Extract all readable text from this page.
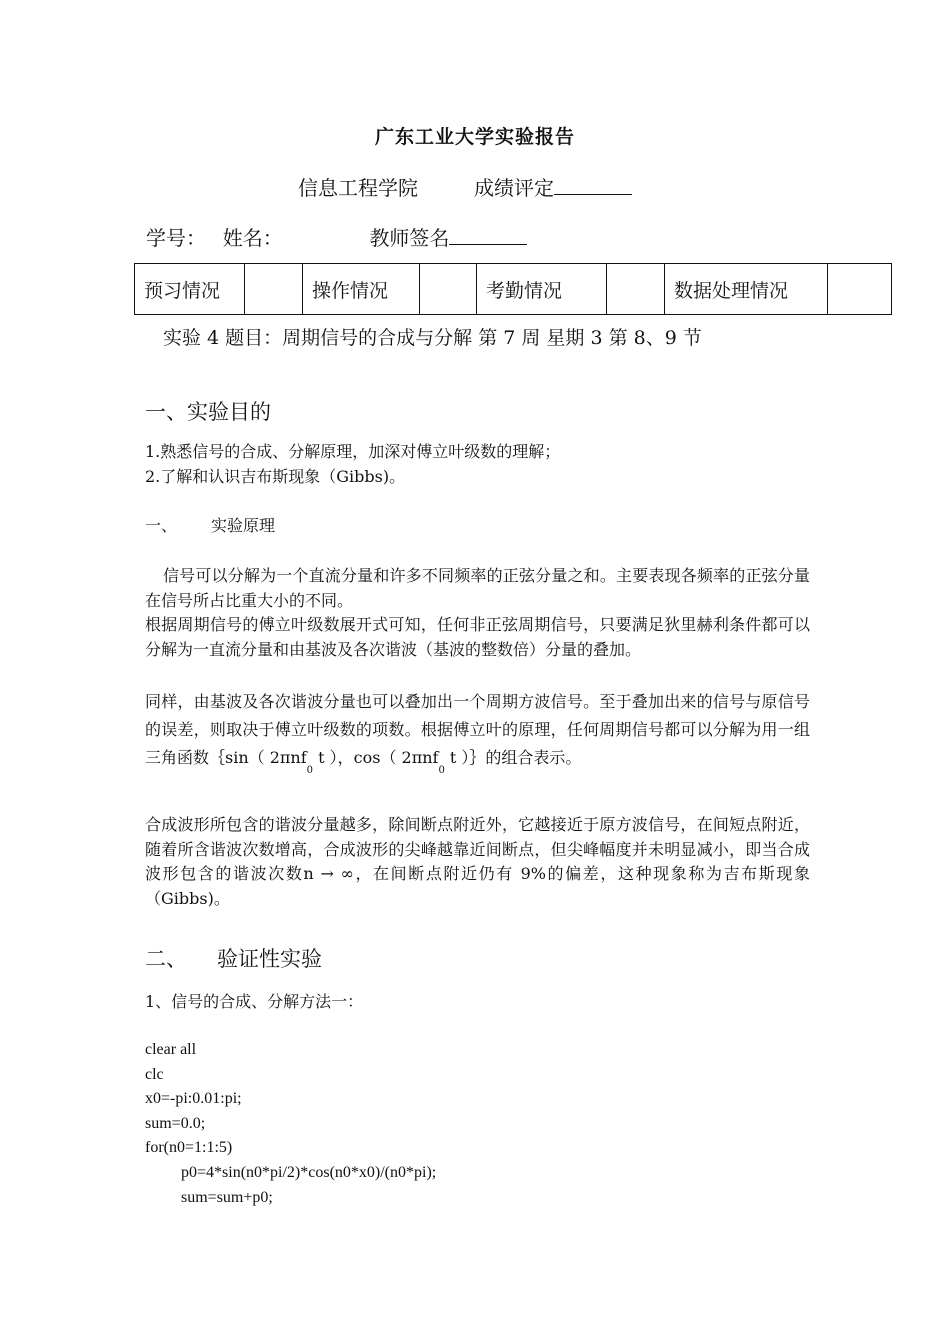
广东工业大学实验报告
信息工程学院	成绩评定
学号： 姓名：	教师签名
预习情况		操作情况		考勤情况		数据处理情况	
实验 4 题目：周期信号的合成与分解 第 7 周 星期 3 第 8、9 节
一、实验目的
1.熟悉信号的合成、分解原理，加深对傅立叶级数的理解；
2.了解和认识吉布斯现象（Gibbs)。
一、 实验原理
信号可以分解为一个直流分量和许多不同频率的正弦分量之和。主要表现各频率的正弦分量在信号所占比重大小的不同。
根据周期信号的傅立叶级数展开式可知，任何非正弦周期信号，只要满足狄里赫利条件都可以分解为一直流分量和由基波及各次谐波（基波的整数倍）分量的叠加。
同样，由基波及各次谐波分量也可以叠加出一个周期方波信号。至于叠加出来的信号与原信号的误差，则取决于傅立叶级数的项数。根据傅立叶的原理，任何周期信号都可以分解为用一组三角函数｛sin（ 2πnf$_0$ t ），cos（ 2πnf$_0$ t ）｝的组合表示。
合成波形所包含的谐波分量越多，除间断点附近外，它越接近于原方波信号，在间短点附近，随着所含谐波次数增高，合成波形的尖峰越靠近间断点，但尖峰幅度并未明显减小，即当合成波形包含的谐波次数n → ∞，在间断点附近仍有 9%的偏差，这种现象称为吉布斯现象（Gibbs)。
二、 验证性实验
1、信号的合成、分解方法一：
clear all
clc
x0=-pi:0.01:pi;
sum=0.0;
for(n0=1:1:5)
p0=4*sin(n0*pi/2)*cos(n0*x0)/(n0*pi);
sum=sum+p0;
